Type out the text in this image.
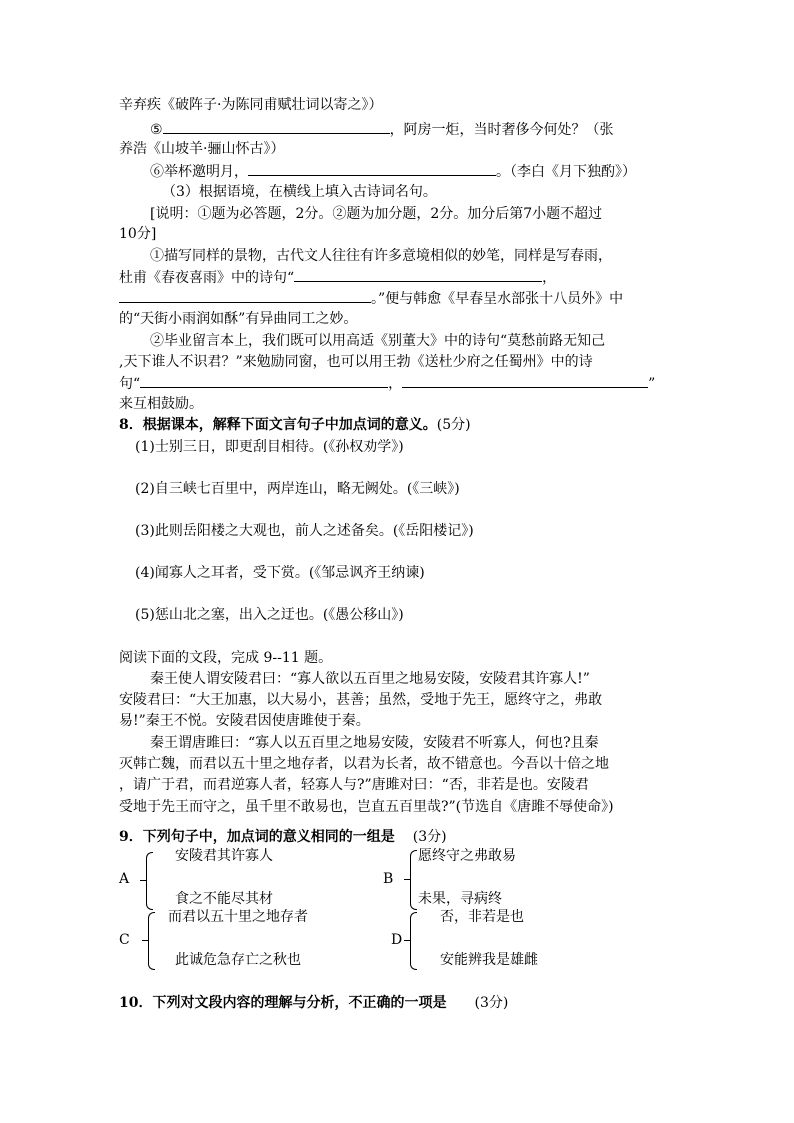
辛弃疾《破阵子·为陈同甫赋壮词以寄之》）
⑤	，阿房一炬，当时奢侈今何处？（张
养浩《山坡羊·骊山怀古》）
⑥举杯邀明月，	。（李白《月下独酌》）
（3）根据语境，在横线上填入古诗词名句。
[说明：①题为必答题，2分。②题为加分题，2分。加分后第7小题不超过
10分]
①描写同样的景物，古代文人往往有许多意境相似的妙笔，同样是写春雨，
杜甫《春夜喜雨》中的诗句“	，
。”便与韩愈《早春呈水部张十八员外》中
的“天街小雨润如酥”有异曲同工之妙。
②毕业留言本上，我们既可以用高适《别董大》中的诗句“莫愁前路无知己
,天下谁人不识君？”来勉励同窗，也可以用王勃《送杜少府之任蜀州》中的诗
句“	，	”
来互相鼓励。
8．根据课本，解释下面文言句子中加点词的意义。(5分)
(1)士别三日，即更刮目相待。(《孙权劝学》)
(2)自三峡七百里中，两岸连山，略无阙处。(《三峡》)
(3)此则岳阳楼之大观也，前人之述备矣。(《岳阳楼记》)
(4)闻寡人之耳者，受下赏。(《邹忌讽齐王纳谏)
(5)惩山北之塞，出入之迂也。(《愚公移山》)
阅读下面的文段，完成 9--11 题。
秦王使人谓安陵君曰：“寡人欲以五百里之地易安陵，安陵君其许寡人!”
安陵君曰：“大王加惠，以大易小，甚善；虽然，受地于先王，愿终守之，弗敢
易!”秦王不悦。安陵君因使唐雎使于秦。
秦王谓唐雎曰：“寡人以五百里之地易安陵，安陵君不听寡人，何也?且秦
灭韩亡魏，而君以五十里之地存者，以君为长者，故不错意也。今吾以十倍之地
，请广于君，而君逆寡人者，轻寡人与?”唐雎对曰：“否，非若是也。安陵君
受地于先王而守之，虽千里不敢易也，岂直五百里哉?”(节选自《唐雎不辱使命》)
9．下列句子中，加点词的意义相同的一组是 (3分)
A
安陵君其许寡人
食之不能尽其材
B
愿终守之弗敢易
未果，寻病终
C
而君以五十里之地存者
此诚危急存亡之秋也
D
否，非若是也
安能辨我是雄雌
10．下列对文段内容的理解与分析，不正确的一项是 (3分)
